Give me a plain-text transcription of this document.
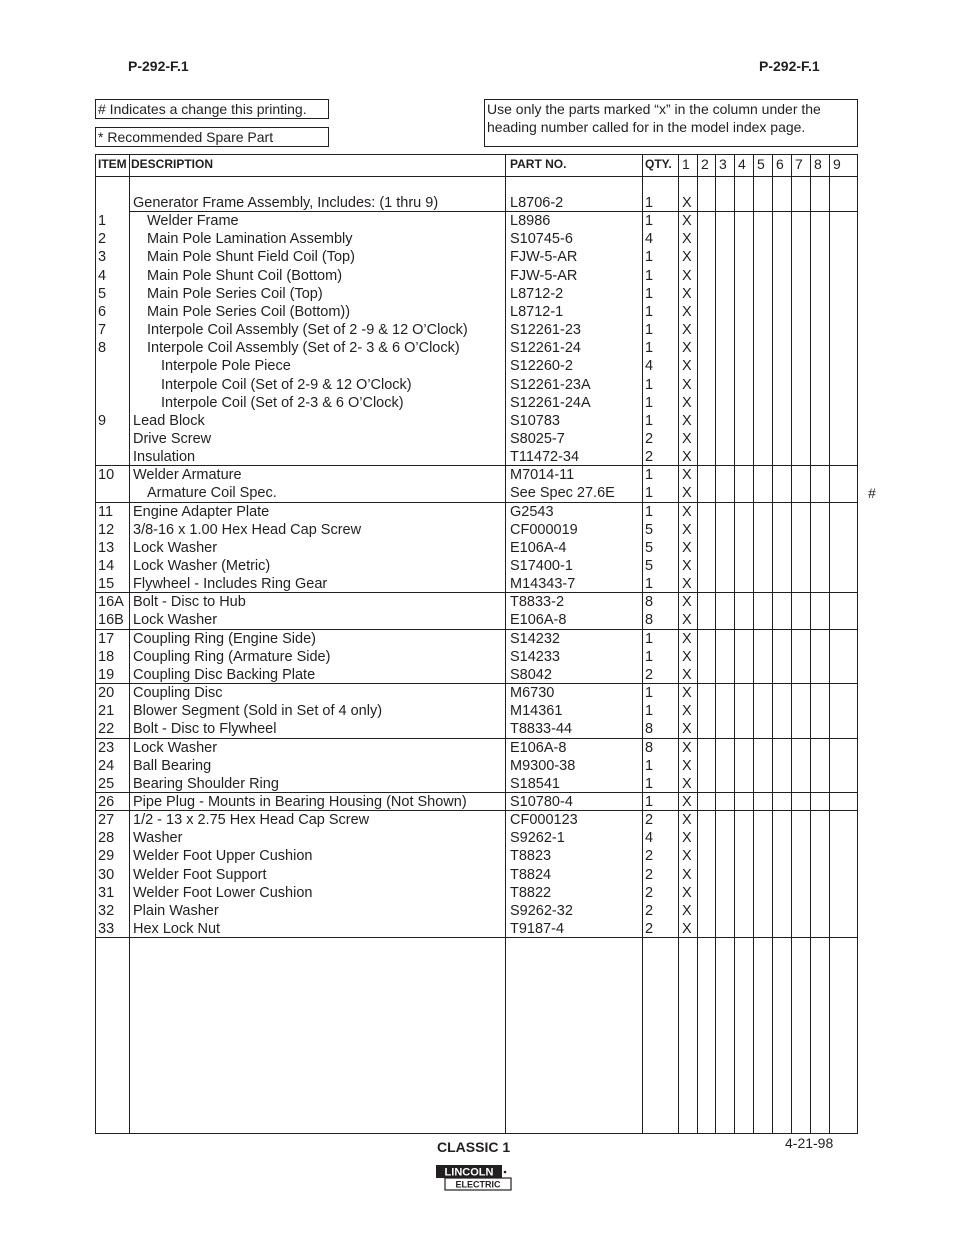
P-292-F.1	P-292-F.1
# Indicates a change this printing.
* Recommended Spare Part
Use only the parts marked “x” in the column under the
heading number called for in the model index page.
ITEM DESCRIPTION	PART NO.	QTY. 1 2 3 4 5 6 7 8 9
Generator Frame Assembly, Includes: (1 thru 9)	L8706-2	1 X
1	Welder Frame	L8986	1 X
2	Main Pole Lamination Assembly	S10745-6	4 X
3	Main Pole Shunt Field Coil (Top)	FJW-5-AR	1 X
4	Main Pole Shunt Coil (Bottom)	FJW-5-AR	1 X
5	Main Pole Series Coil (Top)	L8712-2	1 X
6	Main Pole Series Coil (Bottom))	L8712-1	1 X
7	Interpole Coil Assembly (Set of 2 -9 & 12 O’Clock)	S12261-23	1 X
8	Interpole Coil Assembly (Set of 2- 3 & 6 O’Clock)	S12261-24	1 X
Interpole Pole Piece	S12260-2	4 X
Interpole Coil (Set of 2-9 & 12 O’Clock)	S12261-23A	1 X
Interpole Coil (Set of 2-3 & 6 O’Clock)	S12261-24A	1 X
9 Lead Block	S10783	1 X
Drive Screw	S8025-7	2 X
Insulation	T11472-34	2 X
10 Welder Armature	M7014-11	1 X
Armature Coil Spec.	See Spec 27.6E 1 X
11 Engine Adapter Plate	G2543	1 X
12 3/8-16 x 1.00 Hex Head Cap Screw	CF000019	5 X
13 Lock Washer	E106A-4	5 X
14 Lock Washer (Metric)	S17400-1	5 X
15 Flywheel - Includes Ring Gear	M14343-7	1 X
16A Bolt - Disc to Hub	T8833-2	8 X
16B Lock Washer	E106A-8	8 X
17 Coupling Ring (Engine Side)	S14232	1 X
18 Coupling Ring (Armature Side)	S14233	1 X
19 Coupling Disc Backing Plate	S8042	2 X
20 Coupling Disc	M6730	1 X
21 Blower Segment (Sold in Set of 4 only)	M14361	1 X
22 Bolt - Disc to Flywheel	T8833-44	8 X
23 Lock Washer	E106A-8	8 X
24 Ball Bearing	M9300-38	1 X
25 Bearing Shoulder Ring	S18541	1 X
26 Pipe Plug - Mounts in Bearing Housing (Not Shown)	S10780-4	1 X
27 1/2 - 13 x 2.75 Hex Head Cap Screw	CF000123	2 X
28 Washer	S9262-1	4 X
29 Welder Foot Upper Cushion	T8823	2 X
30 Welder Foot Support	T8824	2 X
31 Welder Foot Lower Cushion	T8822	2 X
32 Plain Washer	S9262-32	2 X
33 Hex Lock Nut	T9187-4	2 X
#
CLASSIC 1	4-21-98
LINCOLN
ELECTRIC
